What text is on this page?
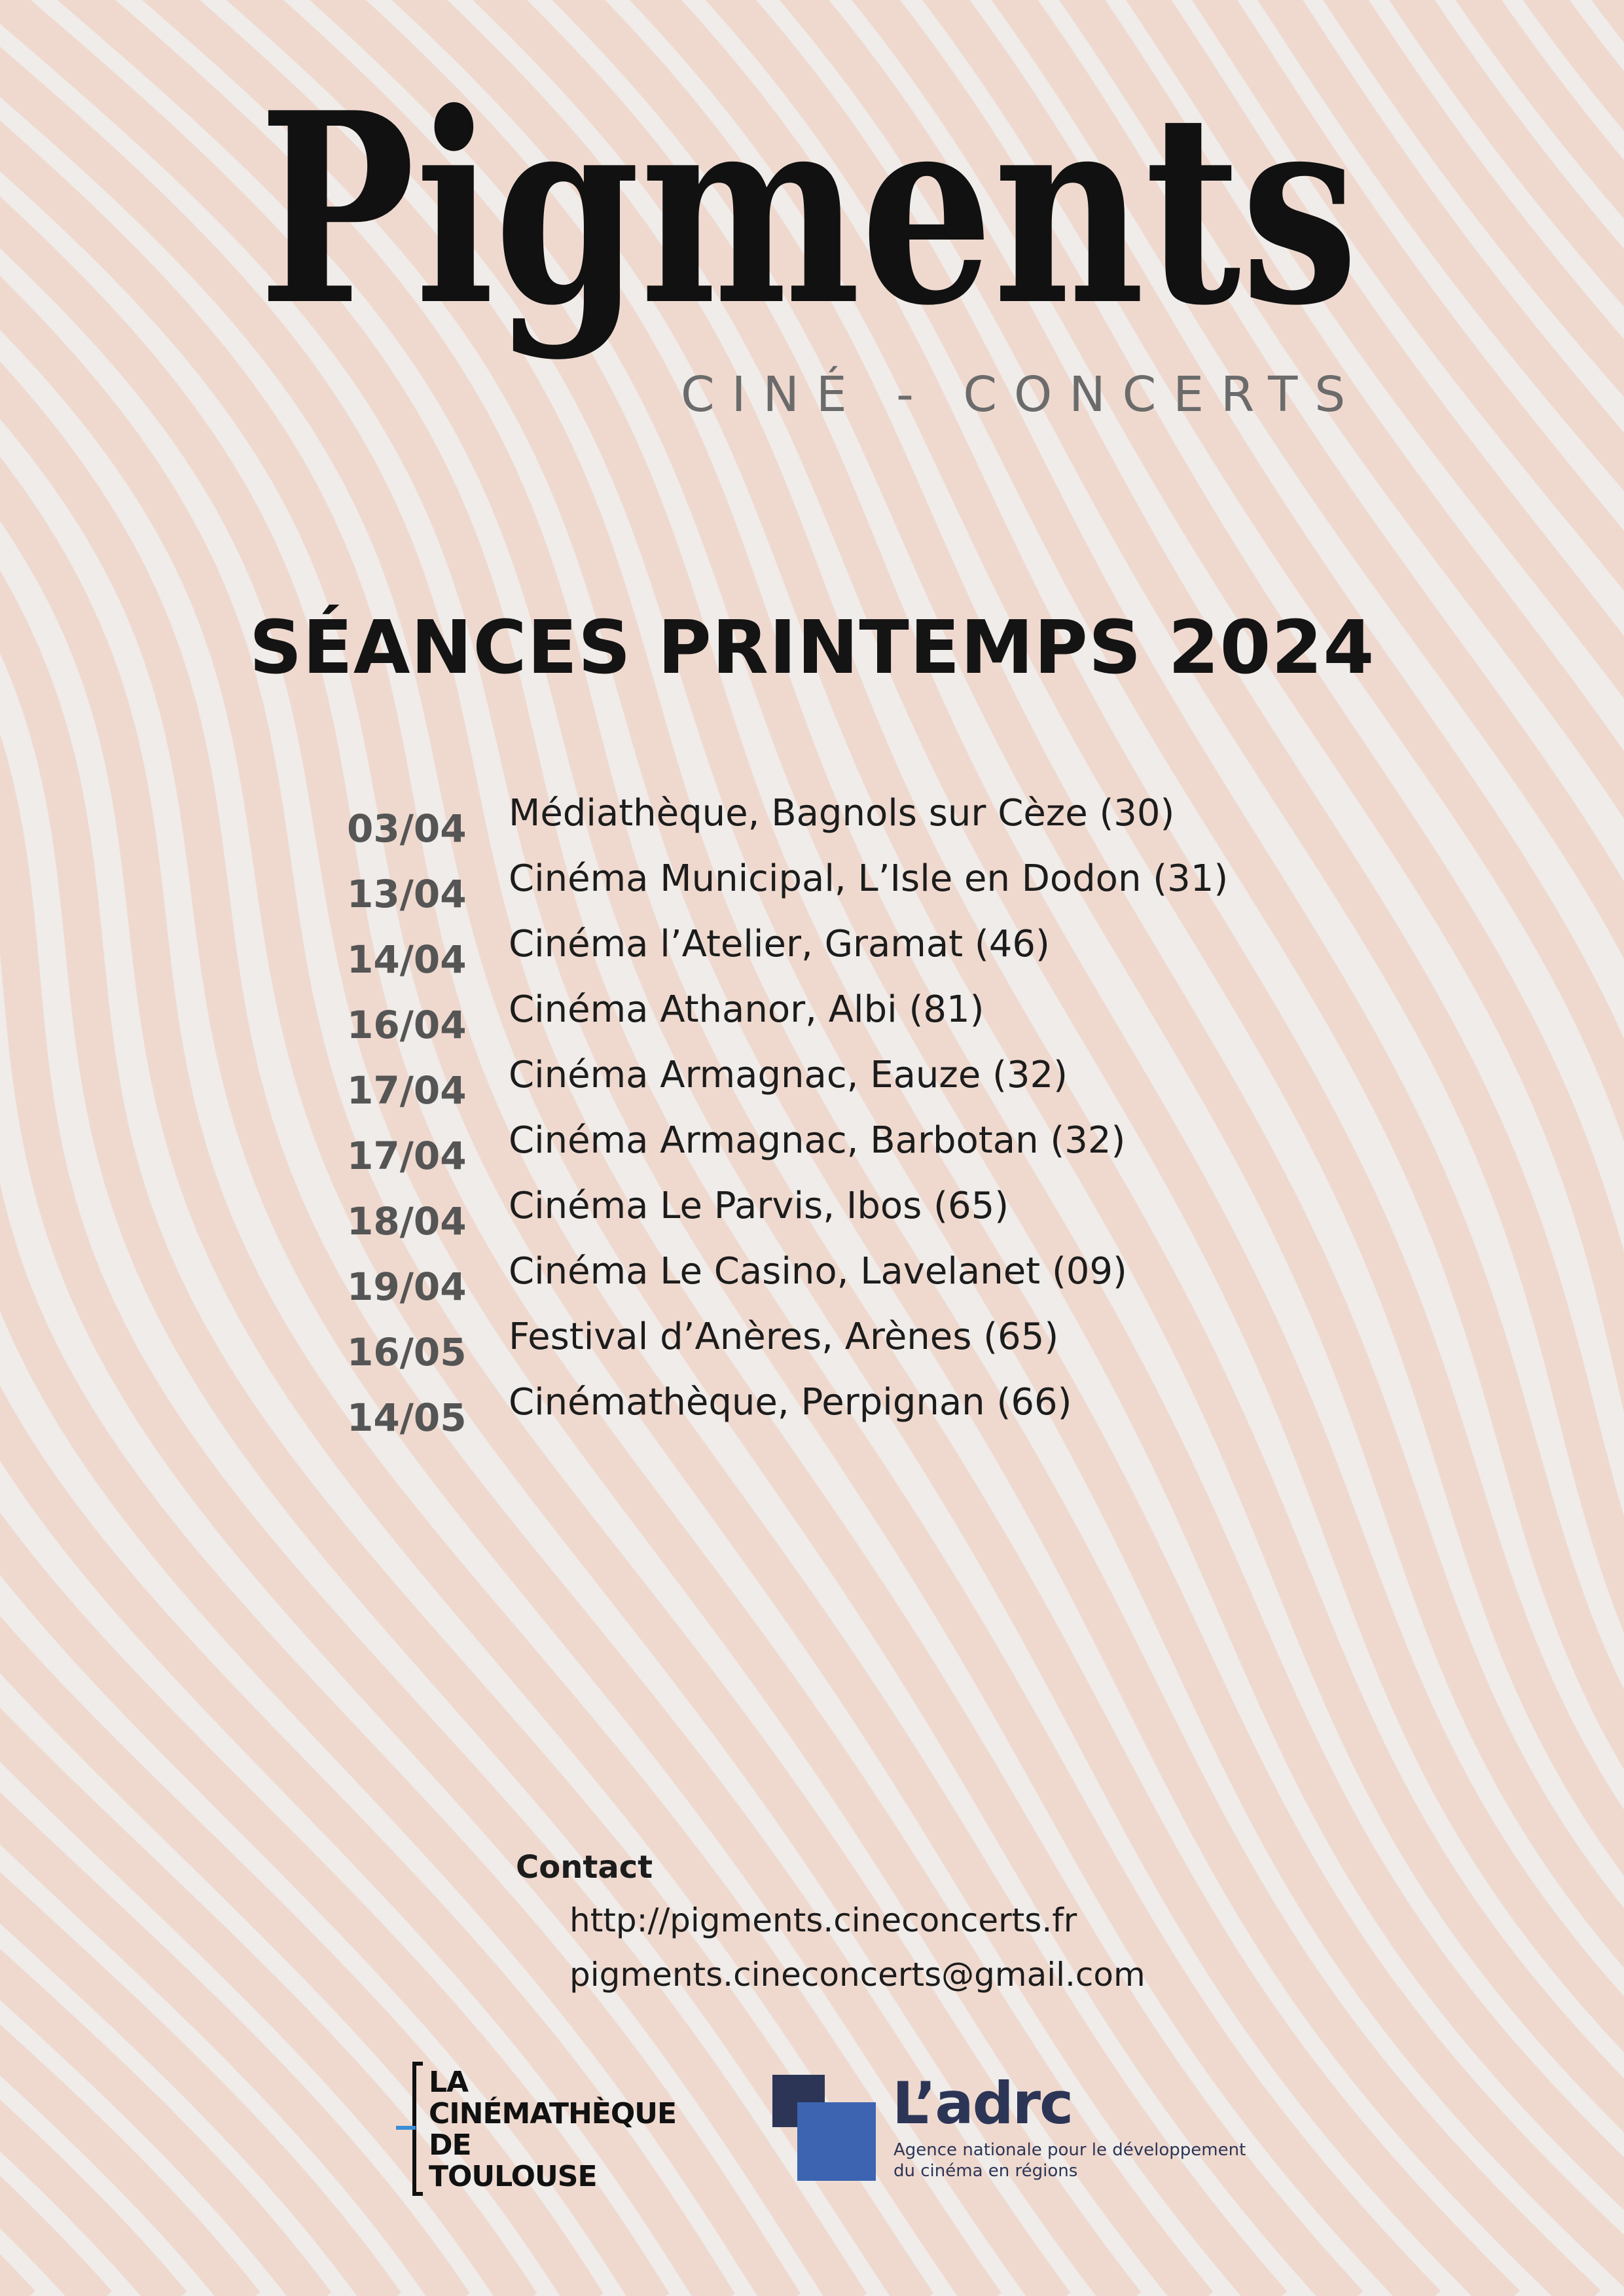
Pigments
CINÉ - CONCERTS
SÉANCES PRINTEMPS 2024
03/04 Médiathèque, Bagnols sur Cèze (30)
13/04 Cinéma Municipal, L’Isle en Dodon (31)
14/04 Cinéma l’Atelier, Gramat (46)
16/04 Cinéma Athanor, Albi (81)
17/04 Cinéma Armagnac, Eauze (32)
17/04 Cinéma Armagnac, Barbotan (32)
18/04 Cinéma Le Parvis, Ibos (65)
19/04 Cinéma Le Casino, Lavelanet (09)
16/05 Festival d’Anères, Arènes (65)
14/05 Cinémathèque, Perpignan (66)
Contact
http://pigments.cineconcerts.fr
pigments.cineconcerts@gmail.com
LA
CINÉMATHÈQUE
DE
TOULOUSE
L’adrc
Agence nationale pour le développement
du cinéma en régions
